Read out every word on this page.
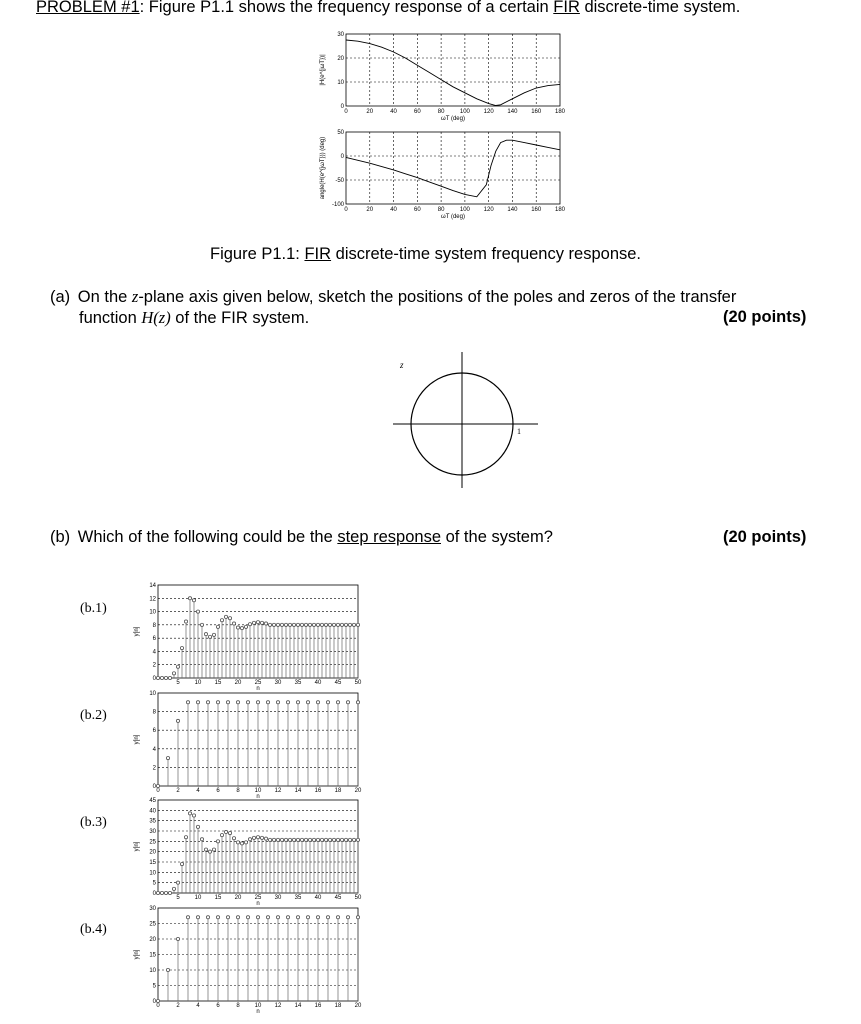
PROBLEM #1: Figure P1.1 shows the frequency response of a certain FIR discrete-time system.
0	20	40	60	80	100 120 140 160 180
0
10
20
30
ωT (deg)
|H(e^{jωT})|
0	20	40	60	80	100 120 140 160 180
-100
-50
0
50
ωT (deg)
angle(H(e^{jωT})) (deg)
Figure P1.1: FIR discrete-time system frequency response.
(a) On the z-plane axis given below, sketch the positions of the poles and zeros of the transfer
function H(z) of the FIR system.	(20 points)
z
1
(b) Which of the following could be the step response of the system?	(20 points)
(b.1)
(b.2)
(b.3)
(b.4)
0
2
4
6
8
10
12
14
5 10 15 20 25 30 35 40 45 50
n
y[n]
0
2
4
6
8
10
0	2	4	6	8 10 12 14 16 18 20
n
y[n]
0
5
10
15
20
25
30
35
40
45
5 10 15 20 25 30 35 40 45 50
n
y[n]
0
5
10
15
20
25
30
0	2	4	6	8 10 12 14 16 18 20
n
y[n]
